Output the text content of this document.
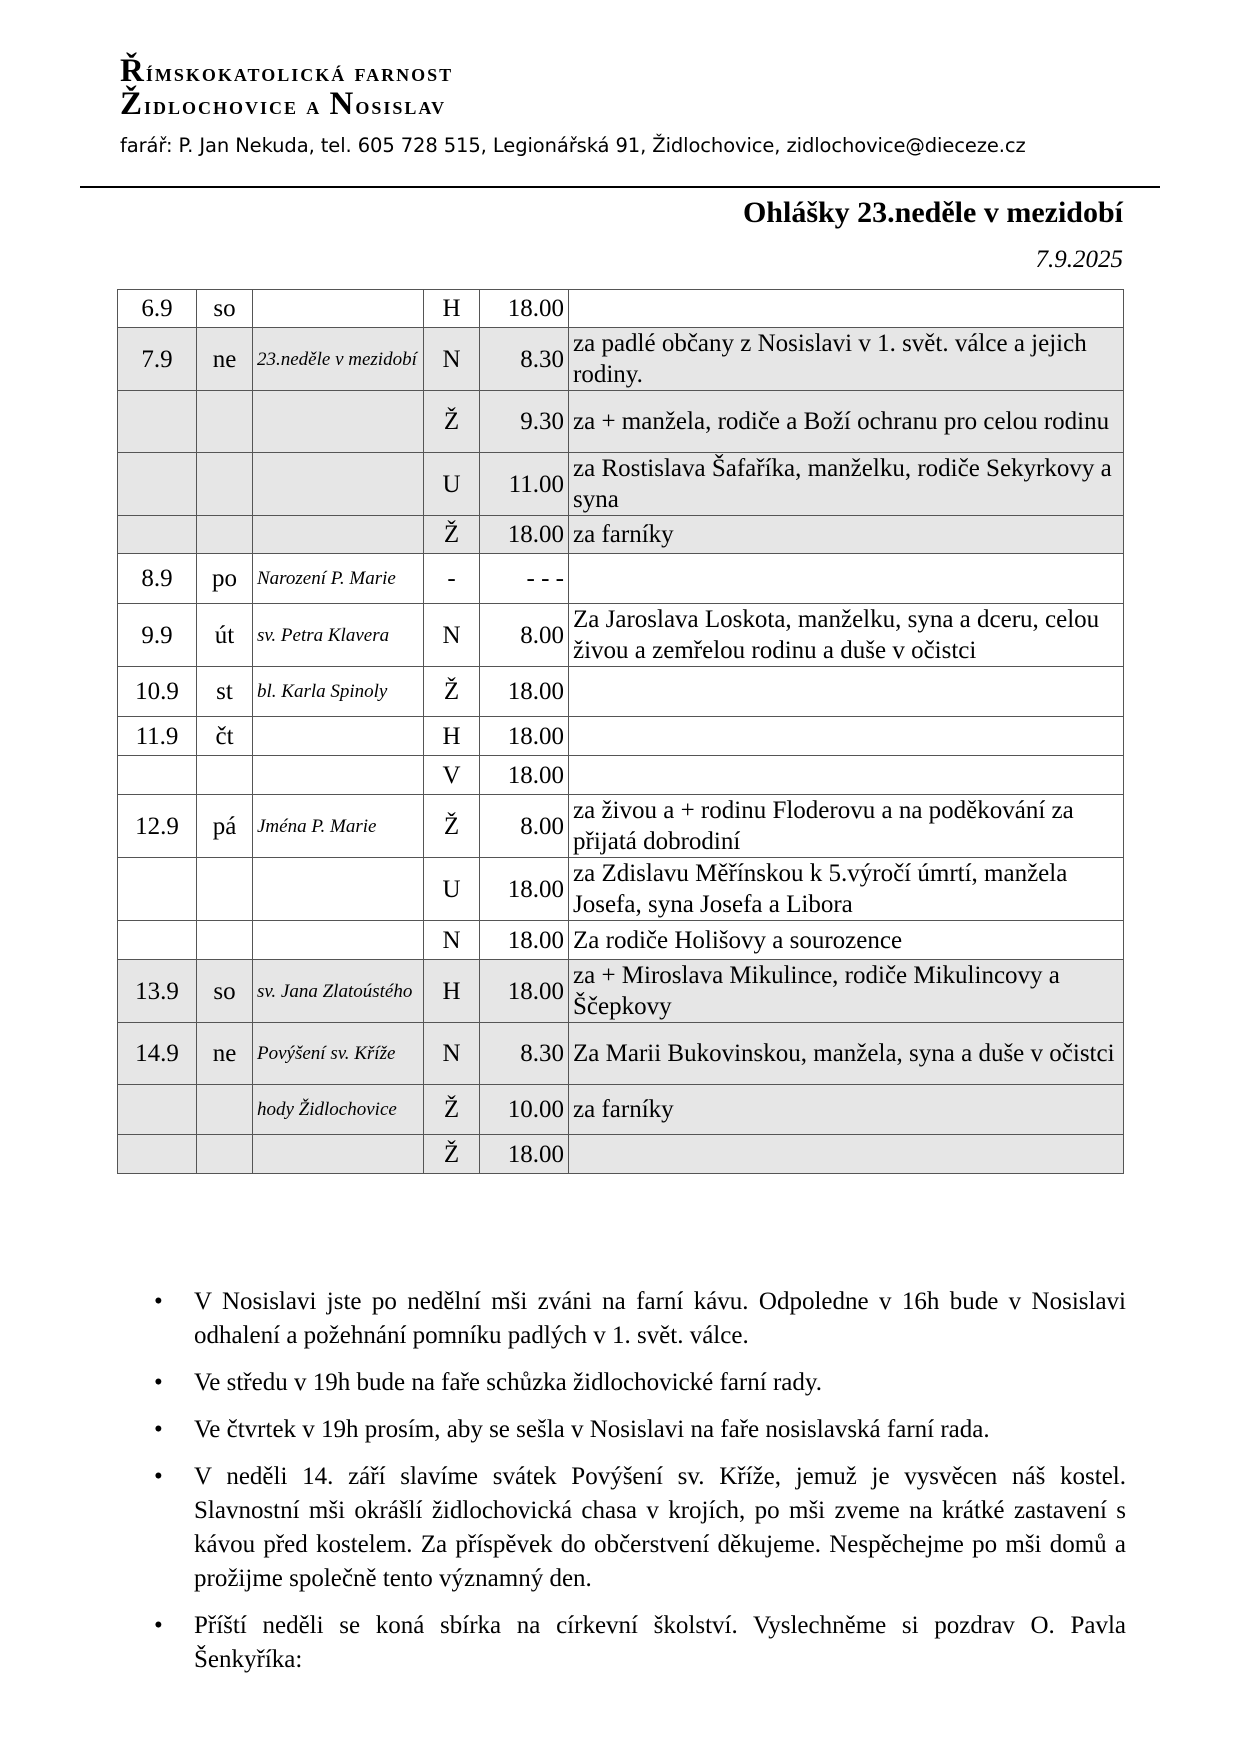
Římskokatolická farnost
Židlochovice a Nosislav
farář: P. Jan Nekuda, tel. 605 728 515, Legionářská 91, Židlochovice, zidlochovice@dieceze.cz
Ohlášky 23.neděle v mezidobí
7.9.2025
6.9	so		H	18.00	
7.9	ne	23.neděle v mezidobí	N	8.30	za padlé občany z Nosislavi v 1. svět. válce a jejich rodiny.
			Ž	9.30	za + manžela, rodiče a Boží ochranu pro celou rodinu
			U	11.00	za Rostislava Šafaříka, manželku, rodiče Sekyrkovy a syna
			Ž	18.00	za farníky
8.9	po	Narození P. Marie	-	- - -	
9.9	út	sv. Petra Klavera	N	8.00	Za Jaroslava Loskota, manželku, syna a dceru, celou živou a zemřelou rodinu a duše v očistci
10.9	st	bl. Karla Spinoly	Ž	18.00	
11.9	čt		H	18.00	
			V	18.00	
12.9	pá	Jména P. Marie	Ž	8.00	za živou a + rodinu Floderovu a na poděkování za přijatá dobrodiní
			U	18.00	za Zdislavu Měřínskou k 5.výročí úmrtí, manžela Josefa, syna Josefa a Libora
			N	18.00	Za rodiče Holišovy a sourozence
13.9	so	sv. Jana Zlatoústého	H	18.00	za + Miroslava Mikulince, rodiče Mikulincovy a Ščepkovy
14.9	ne	Povýšení sv. Kříže	N	8.30	Za Marii Bukovinskou, manžela, syna a duše v očistci
		hody Židlochovice	Ž	10.00	za farníky
			Ž	18.00	
• V Nosislavi jste po nedělní mši zváni na farní kávu. Odpoledne v 16h bude v Nosislavi odhalení a požehnání pomníku padlých v 1. svět. válce.
• Ve středu v 19h bude na faře schůzka židlochovické farní rady.
• Ve čtvrtek v 19h prosím, aby se sešla v Nosislavi na faře nosislavská farní rada.
• V neděli 14. září slavíme svátek Povýšení sv. Kříže, jemuž je vysvěcen náš kostel. Slavnostní mši okrášlí židlochovická chasa v krojích, po mši zveme na krátké zastavení s kávou před kostelem. Za příspěvek do občerstvení děkujeme. Nespěchejme po mši domů a prožijme společně tento významný den.
• Příští neděli se koná sbírka na církevní školství. Vyslechněme si pozdrav O. Pavla Šenkyříka:
